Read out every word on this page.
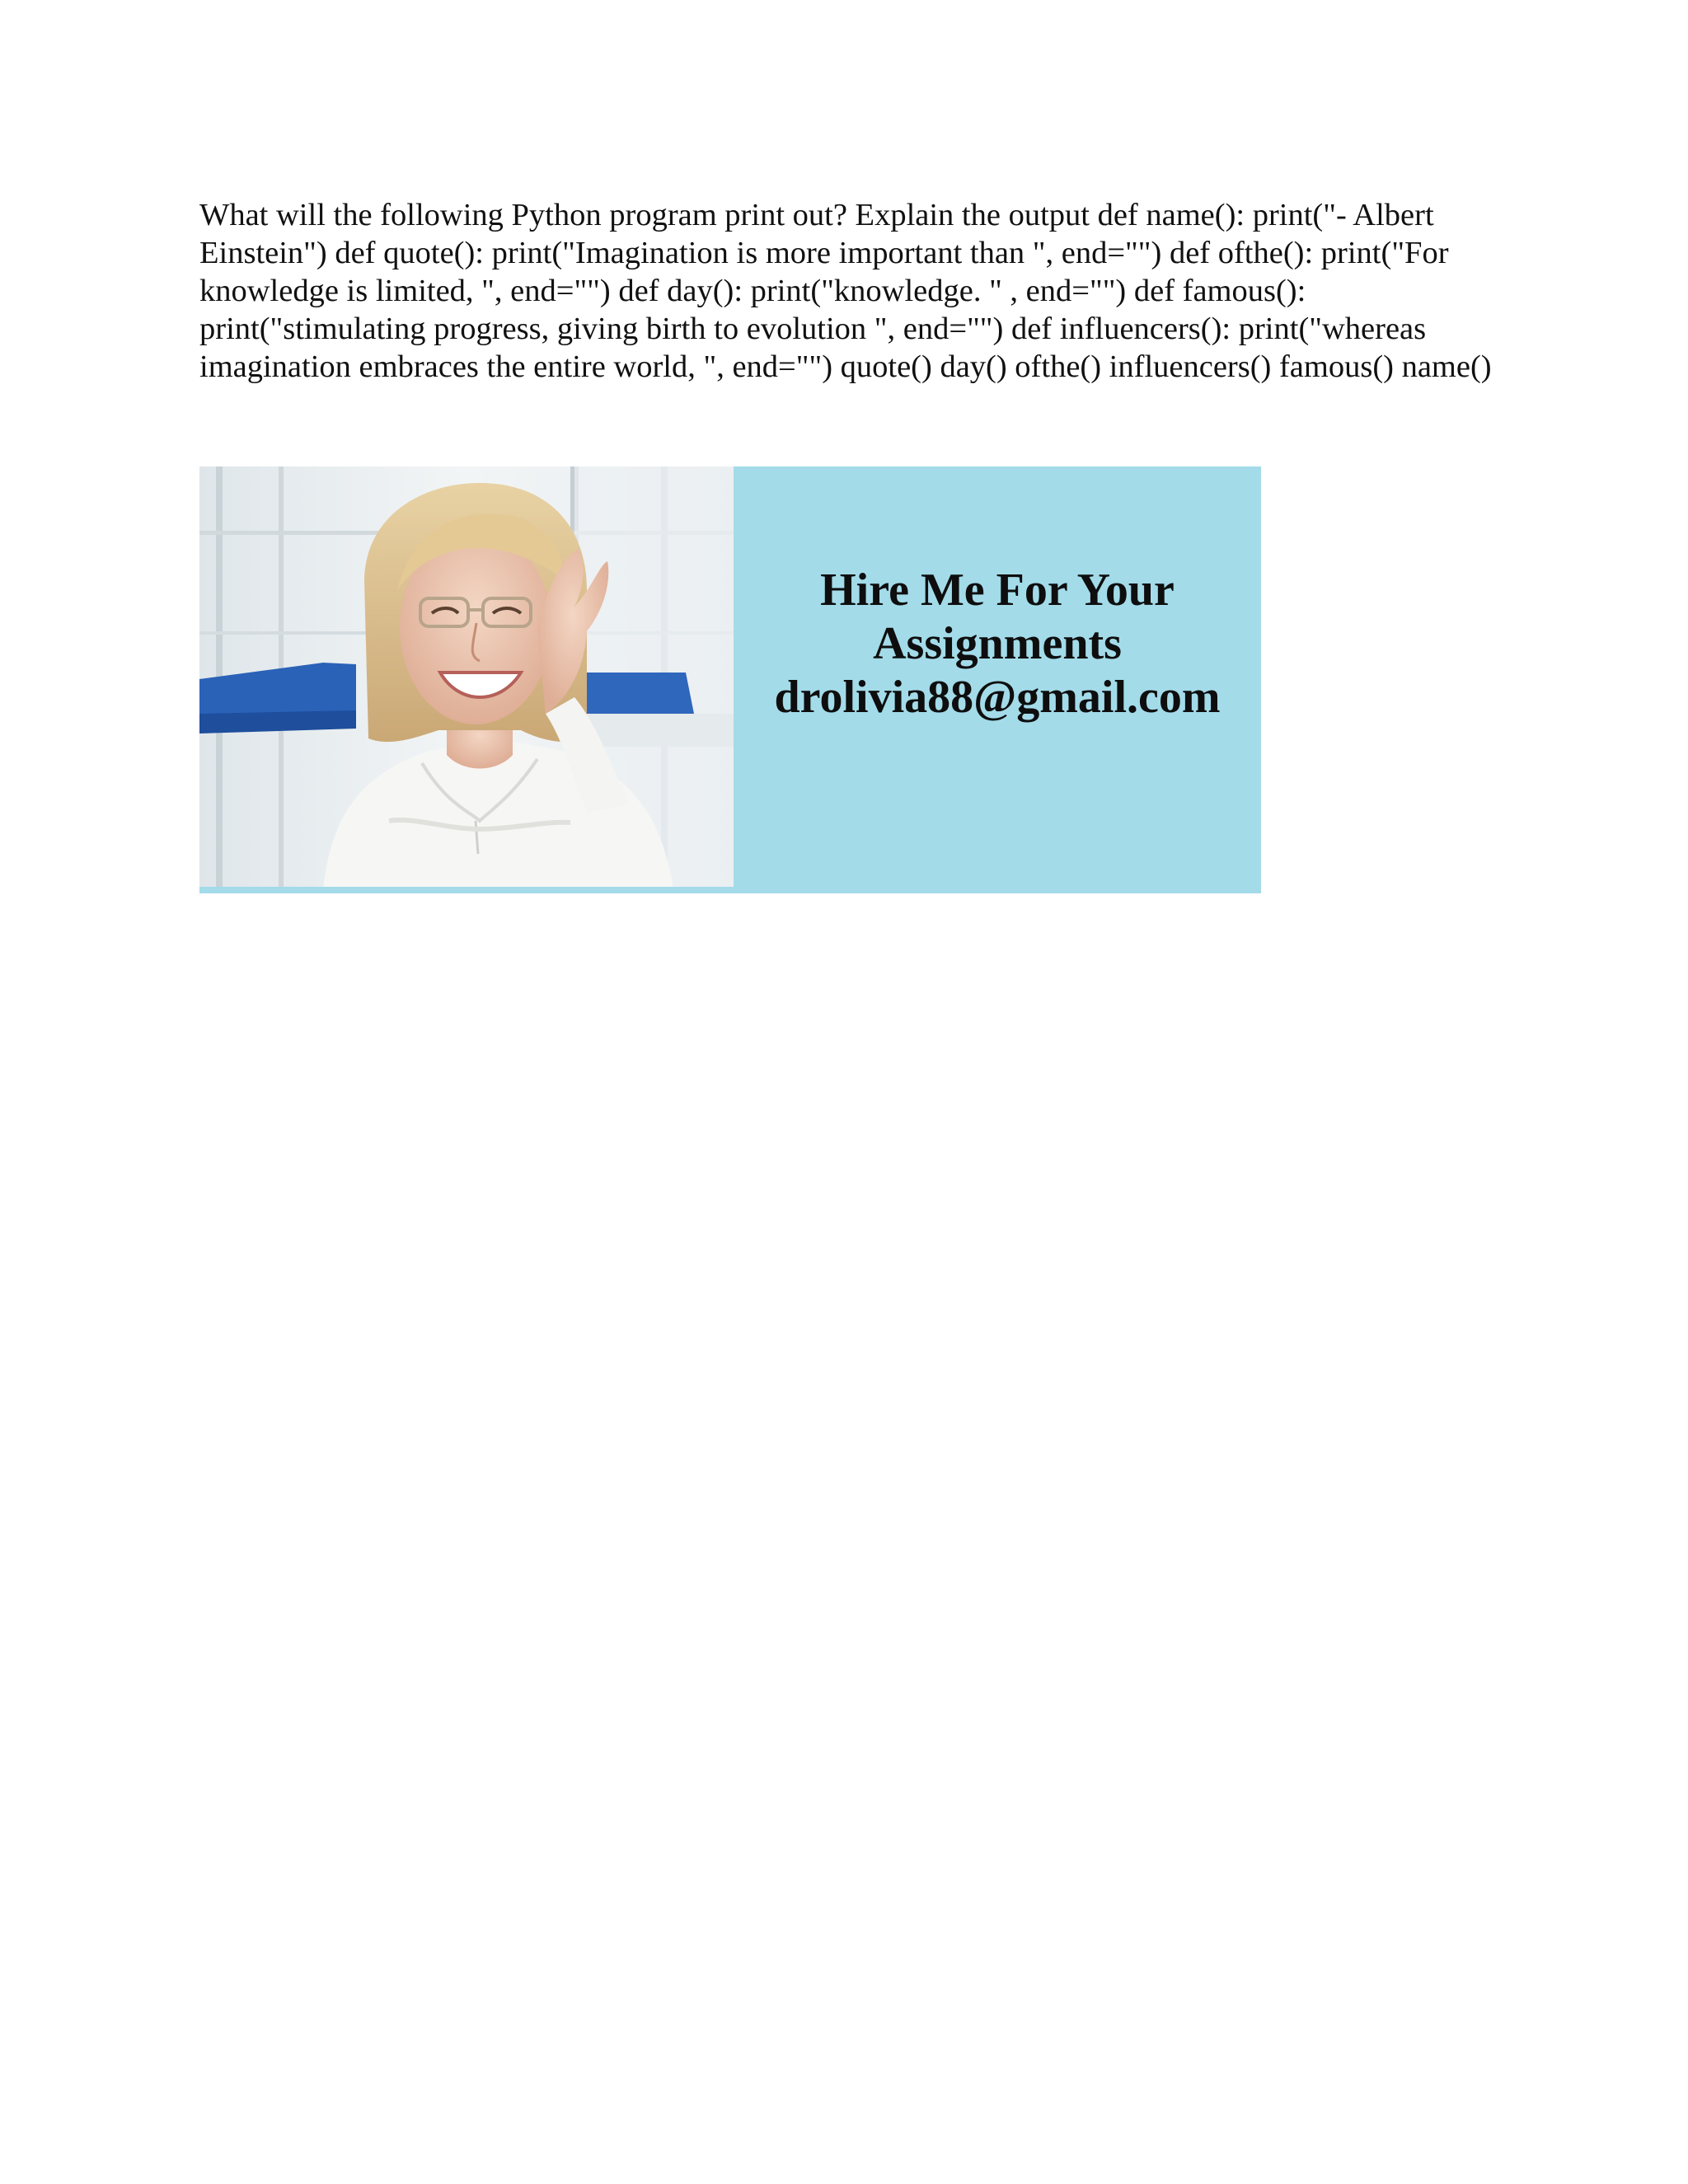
What will the following Python program print out? Explain the output def name(): print("- Albert Einstein") def quote(): print("Imagination is more important than ", end="") def ofthe(): print("For knowledge is limited, ", end="") def day(): print("knowledge. " , end="") def famous(): print("stimulating progress, giving birth to evolution ", end="") def influencers(): print("whereas imagination embraces the entire world, ", end="") quote() day() ofthe() influencers() famous() name()

Hire Me For Your
Assignments
drolivia88@gmail.com
